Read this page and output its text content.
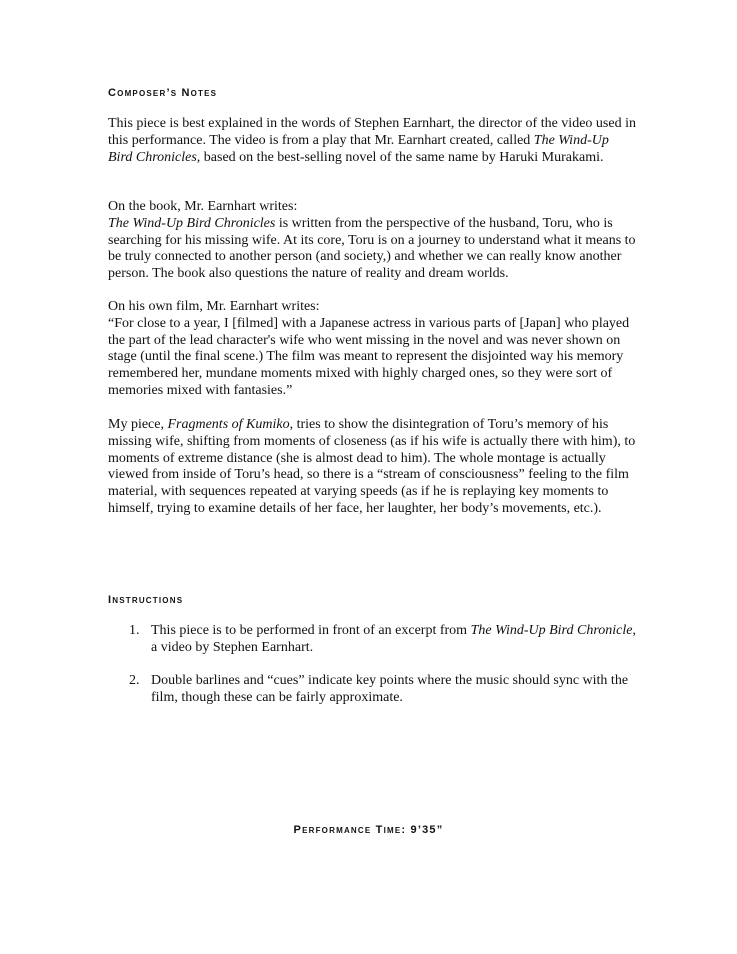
Composer’s Notes

This piece is best explained in the words of Stephen Earnhart, the director of the video used in this performance. The video is from a play that Mr. Earnhart created, called The Wind-Up Bird Chronicles, based on the best-selling novel of the same name by Haruki Murakami.

On the book, Mr. Earnhart writes:
The Wind-Up Bird Chronicles is written from the perspective of the husband, Toru, who is searching for his missing wife. At its core, Toru is on a journey to understand what it means to be truly connected to another person (and society,) and whether we can really know another person. The book also questions the nature of reality and dream worlds.
On his own film, Mr. Earnhart writes:
“For close to a year, I [filmed] with a Japanese actress in various parts of [Japan] who played the part of the lead character's wife who went missing in the novel and was never shown on stage (until the final scene.) The film was meant to represent the disjointed way his memory remembered her, mundane moments mixed with highly charged ones, so they were sort of memories mixed with fantasies.”

My piece, Fragments of Kumiko, tries to show the disintegration of Toru’s memory of his missing wife, shifting from moments of closeness (as if his wife is actually there with him), to moments of extreme distance (she is almost dead to him). The whole montage is actually viewed from inside of Toru’s head, so there is a “stream of consciousness” feeling to the film material, with sequences repeated at varying speeds (as if he is replaying key moments to himself, trying to examine details of her face, her laughter, her body’s movements, etc.).

Instructions
1. This piece is to be performed in front of an excerpt from The Wind-Up Bird Chronicle, a video by Stephen Earnhart.
2. Double barlines and “cues” indicate key points where the music should sync with the film, though these can be fairly approximate.
Performance Time: 9’35”
